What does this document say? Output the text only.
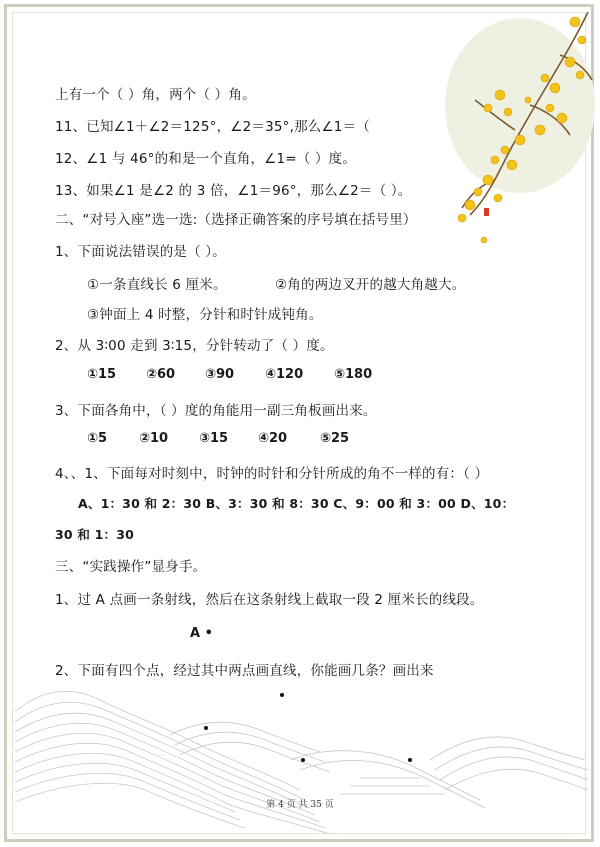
上有一个（ ）角，两个（ ）角。
11、已知∠1＋∠2＝125°，∠2＝35°,那么∠1＝（
12、∠1 与 46°的和是一个直角，∠1=（ ）度。
13、如果∠1 是∠2 的 3 倍，∠1＝96°，那么∠2＝（ ）。
二、“对号入座”选一选:（选择正确答案的序号填在括号里）
1、下面说法错误的是（ ）。
①一条直线长 6 厘米。	②角的两边叉开的越大角越大。
③钟面上 4 时整，分针和时针成钝角。
2、从 3∶00 走到 3∶15，分针转动了（ ）度。
①15 ②60 ③90 ④120 ⑤180
3、下面各角中，（ ）度的角能用一副三角板画出来。
①5 ②10 ③15 ④20	⑤25
4、、1、下面每对时刻中，时钟的时针和分针所成的角不一样的有：（ ）
A、1：30 和 2：30 B、3：30 和 8：30 C、9：00 和 3：00 D、10：
30 和 1：30
三、“实践操作”显身手。
1、过 A 点画一条射线，然后在这条射线上截取一段 2 厘米长的线段。
A •
2、下面有四个点，经过其中两点画直线，你能画几条？画出来
第 4 页 共 35 页
